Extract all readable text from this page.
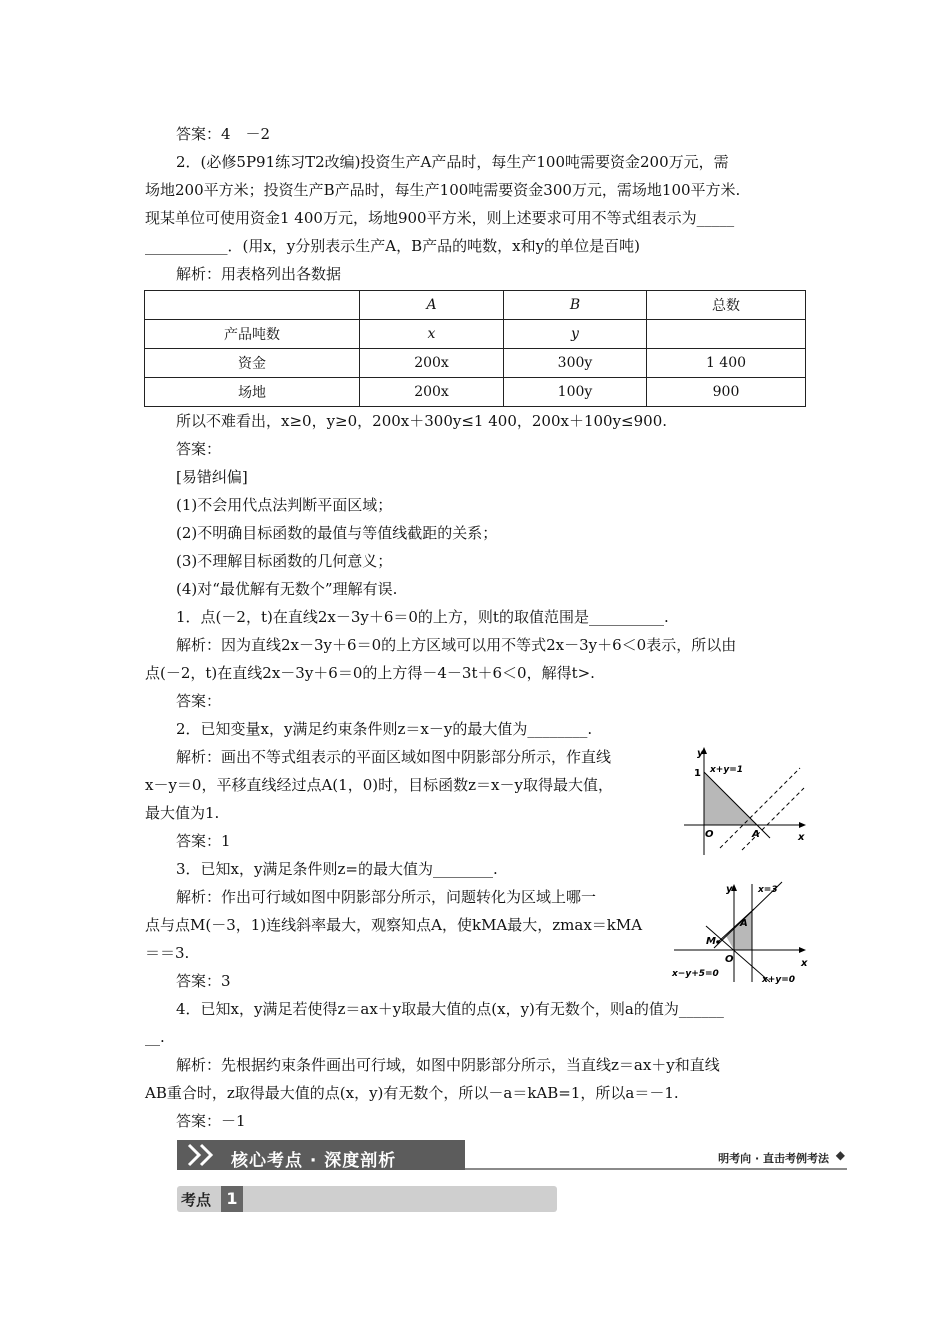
答案：4　－2
2．(必修5P91练习T2改编)投资生产A产品时，每生产100吨需要资金200万元，需
场地200平方米；投资生产B产品时，每生产100吨需要资金300万元，需场地100平方米.
现某单位可使用资金1 400万元，场地900平方米，则上述要求可用不等式组表示为_____
___________．(用x，y分别表示生产A，B产品的吨数，x和y的单位是百吨)
解析：用表格列出各数据
	A	B	总数
产品吨数	x	y	
资金	200x	300y	1 400
场地	200x	100y	900
所以不难看出，x≥0，y≥0，200x＋300y≤1 400，200x＋100y≤900.
答案：
[易错纠偏]
(1)不会用代点法判断平面区域；
(2)不明确目标函数的最值与等值线截距的关系；
(3)不理解目标函数的几何意义；
(4)对“最优解有无数个”理解有误.
1．点(－2，t)在直线2x－3y＋6＝0的上方，则t的取值范围是__________.
解析：因为直线2x－3y＋6＝0的上方区域可以用不等式2x－3y＋6＜0表示，所以由
点(－2，t)在直线2x－3y＋6＝0的上方得－4－3t＋6＜0，解得t>.
答案：
2．已知变量x，y满足约束条件则z＝x－y的最大值为________.
解析：画出不等式组表示的平面区域如图中阴影部分所示，作直线
x－y＝0，平移直线经过点A(1，0)时，目标函数z＝x－y取得最大值，
最大值为1.
答案：1
3．已知x，y满足条件则z=的最大值为________.
解析：作出可行域如图中阴影部分所示，问题转化为区域上哪一
点与点M(－3，1)连线斜率最大，观察知点A，使kMA最大，zmax＝kMA
＝＝3.
答案：3
4．已知x，y满足若使得z＝ax＋y取最大值的点(x，y)有无数个，则a的值为______
__.
解析：先根据约束条件画出可行域，如图中阴影部分所示，当直线z＝ax＋y和直线
AB重合时，z取得最大值的点(x，y)有无数个，所以－a＝kAB=1，所以a＝－1.
答案：－1
y
x
1 x+y=1
O	A
y
x
x=3
M
A
O
x−y+5=0
x+y=0
核心考点 · 深度剖析	明考向 · 直击考例考法 ◆
考点 1
